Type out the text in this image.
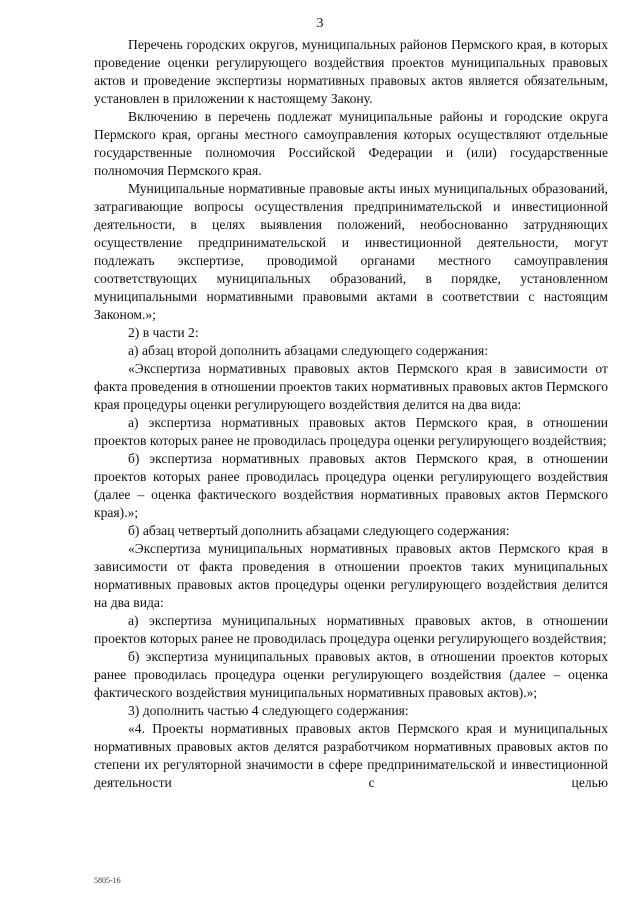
3

Перечень городских округов, муниципальных районов Пермского края, в которых проведение оценки регулирующего воздействия проектов муниципальных правовых актов и проведение экспертизы нормативных правовых актов является обязательным, установлен в приложении к настоящему Закону.

Включению в перечень подлежат муниципальные районы и городские округа Пермского края, органы местного самоуправления которых осуществляют отдельные государственные полномочия Российской Федерации и (или) государственные полномочия Пермского края.

Муниципальные нормативные правовые акты иных муниципальных образований, затрагивающие вопросы осуществления предпринимательской и инвестиционной деятельности, в целях выявления положений, необоснованно затрудняющих осуществление предпринимательской и инвестиционной деятельности, могут подлежать экспертизе, проводимой органами местного самоуправления соответствующих муниципальных образований, в порядке, установленном муниципальными нормативными правовыми актами в соответствии с настоящим Законом.»;

2) в части 2:

а) абзац второй дополнить абзацами следующего содержания:

«Экспертиза нормативных правовых актов Пермского края в зависимости от факта проведения в отношении проектов таких нормативных правовых актов Пермского края процедуры оценки регулирующего воздействия делится на два вида:

а) экспертиза нормативных правовых актов Пермского края, в отношении проектов которых ранее не проводилась процедура оценки регулирующего воздействия;

б) экспертиза нормативных правовых актов Пермского края, в отношении проектов которых ранее проводилась процедура оценки регулирующего воздействия (далее – оценка фактического воздействия нормативных правовых актов Пермского края).»;

б) абзац четвертый дополнить абзацами следующего содержания:

«Экспертиза муниципальных нормативных правовых актов Пермского края в зависимости от факта проведения в отношении проектов таких муниципальных нормативных правовых актов процедуры оценки регулирующего воздействия делится на два вида:

а) экспертиза муниципальных нормативных правовых актов, в отношении проектов которых ранее не проводилась процедура оценки регулирующего воздействия;

б) экспертиза муниципальных правовых актов, в отношении проектов которых ранее проводилась процедура оценки регулирующего воздействия (далее – оценка фактического воздействия муниципальных нормативных правовых актов).»;

3) дополнить частью 4 следующего содержания:

«4. Проекты нормативных правовых актов Пермского края и муниципальных нормативных правовых актов делятся разработчиком нормативных правовых актов по степени их регуляторной значимости в сфере предпринимательской и инвестиционной деятельности с целью

5805-16
